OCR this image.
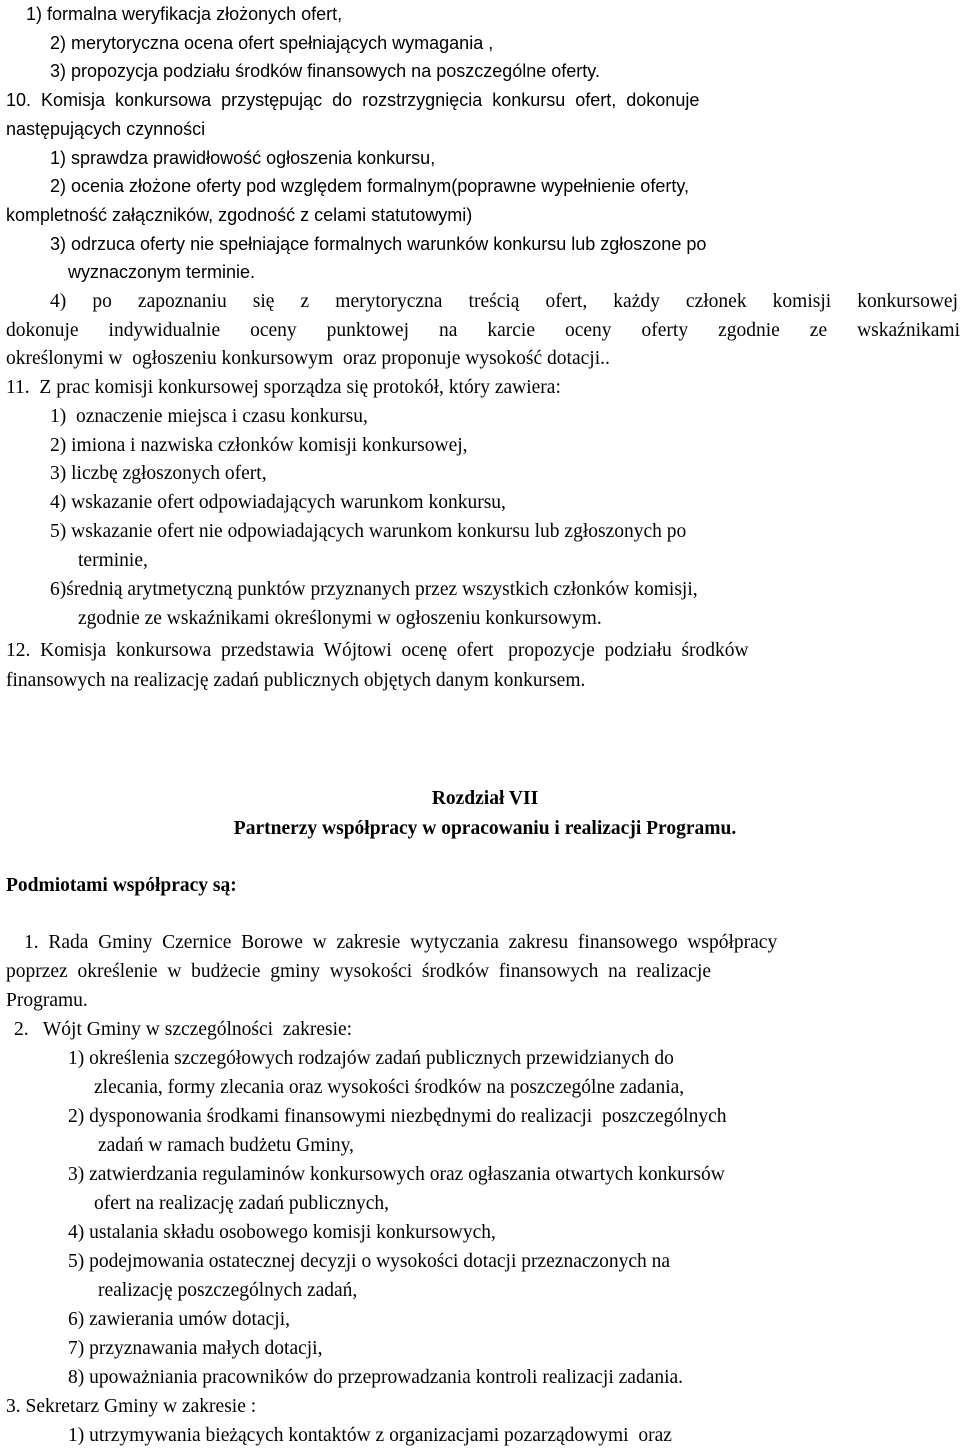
1) formalna weryfikacja złożonych ofert,
2) merytoryczna ocena ofert spełniających wymagania ,
3) propozycja podziału środków finansowych na poszczególne oferty.
10.  Komisja  konkursowa  przystępując  do  rozstrzygnięcia  konkursu  ofert,  dokonuje
następujących czynności
1) sprawdza prawidłowość ogłoszenia konkursu,
2) ocenia złożone oferty pod względem formalnym(poprawne wypełnienie oferty,
kompletność załączników, zgodność z celami statutowymi)
3) odrzuca oferty nie spełniające formalnych warunków konkursu lub zgłoszone po
wyznaczonym terminie.
4) po zapoznaniu się z merytoryczna treścią ofert, każdy członek komisji konkursowej
dokonuje indywidualnie oceny punktowej na karcie oceny oferty zgodnie ze wskaźnikami
określonymi w  ogłoszeniu konkursowym  oraz proponuje wysokość dotacji..
11.  Z prac komisji konkursowej sporządza się protokół, który zawiera:
1)  oznaczenie miejsca i czasu konkursu,
2) imiona i nazwiska członków komisji konkursowej,
3) liczbę zgłoszonych ofert,
4) wskazanie ofert odpowiadających warunkom konkursu,
5) wskazanie ofert nie odpowiadających warunkom konkursu lub zgłoszonych po
terminie,
6)średnią arytmetyczną punktów przyznanych przez wszystkich członków komisji,
zgodnie ze wskaźnikami określonymi w ogłoszeniu konkursowym.
12.  Komisja  konkursowa  przedstawia  Wójtowi  ocenę  ofert   propozycje  podziału  środków
finansowych na realizację zadań publicznych objętych danym konkursem.
Rozdział VII
Partnerzy współpracy w opracowaniu i realizacji Programu.
Podmiotami współpracy są:
1.  Rada  Gminy  Czernice  Borowe  w  zakresie  wytyczania  zakresu  finansowego  współpracy
poprzez  określenie  w  budżecie  gminy  wysokości  środków  finansowych  na  realizacje
Programu.
2.   Wójt Gminy w szczególności  zakresie:
1) określenia szczegółowych rodzajów zadań publicznych przewidzianych do
zlecania, formy zlecania oraz wysokości środków na poszczególne zadania,
2) dysponowania środkami finansowymi niezbędnymi do realizacji  poszczególnych
zadań w ramach budżetu Gminy,
3) zatwierdzania regulaminów konkursowych oraz ogłaszania otwartych konkursów
ofert na realizację zadań publicznych,
4) ustalania składu osobowego komisji konkursowych,
5) podejmowania ostatecznej decyzji o wysokości dotacji przeznaczonych na
realizację poszczególnych zadań,
6) zawierania umów dotacji,
7) przyznawania małych dotacji,
8) upoważniania pracowników do przeprowadzania kontroli realizacji zadania.
3. Sekretarz Gminy w zakresie :
1) utrzymywania bieżących kontaktów z organizacjami pozarządowymi  oraz
